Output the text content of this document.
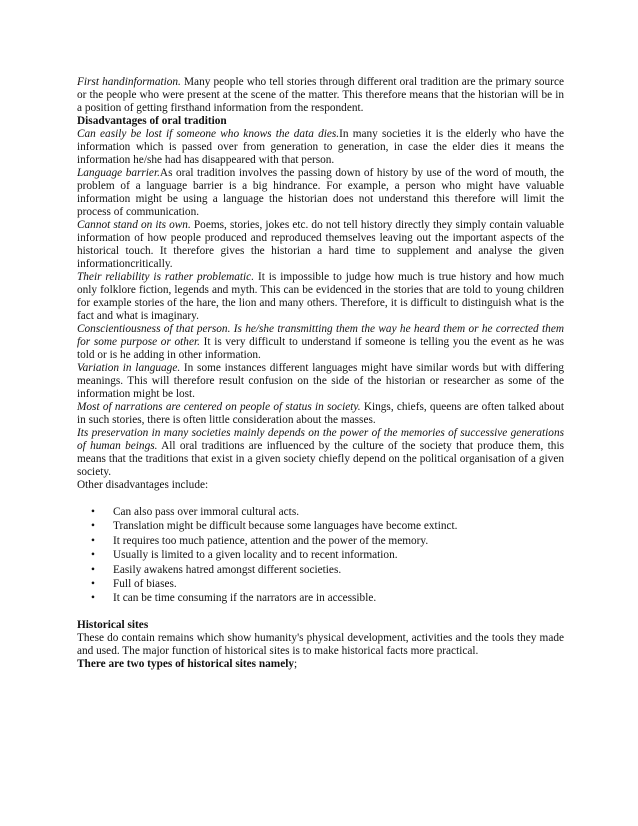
First handinformation. Many people who tell stories through different oral tradition are the primary source or the people who were present at the scene of the matter. This therefore means that the historian will be in a position of getting firsthand information from the respondent.

Disadvantages of oral tradition

Can easily be lost if someone who knows the data dies.In many societies it is the elderly who have the information which is passed over from generation to generation, in case the elder dies it means the information he/she had has disappeared with that person.

Language barrier.As oral tradition involves the passing down of history by use of the word of mouth, the problem of a language barrier is a big hindrance. For example, a person who might have valuable information might be using a language the historian does not understand this therefore will limit the process of communication.

Cannot stand on its own. Poems, stories, jokes etc. do not tell history directly they simply contain valuable information of how people produced and reproduced themselves leaving out the important aspects of the historical touch. It therefore gives the historian a hard time to supplement and analyse the given informationcritically.

Their reliability is rather problematic. It is impossible to judge how much is true history and how much only folklore fiction, legends and myth. This can be evidenced in the stories that are told to young children for example stories of the hare, the lion and many others. Therefore, it is difficult to distinguish what is the fact and what is imaginary.

Conscientiousness of that person. Is he/she transmitting them the way he heard them or he corrected them for some purpose or other. It is very difficult to understand if someone is telling you the event as he was told or is he adding in other information.

Variation in language. In some instances different languages might have similar words but with differing meanings. This will therefore result confusion on the side of the historian or researcher as some of the information might be lost.

Most of narrations are centered on people of status in society. Kings, chiefs, queens are often talked about in such stories, there is often little consideration about the masses.

Its preservation in many societies mainly depends on the power of the memories of successive generations of human beings. All oral traditions are influenced by the culture of the society that produce them, this means that the traditions that exist in a given society chiefly depend on the political organisation of a given society.

Other disadvantages include:

• Can also pass over immoral cultural acts.
• Translation might be difficult because some languages have become extinct.
• It requires too much patience, attention and the power of the memory.
• Usually is limited to a given locality and to recent information.
• Easily awakens hatred amongst different societies.
• Full of biases.
• It can be time consuming if the narrators are in accessible.

Historical sites

These do contain remains which show humanity's physical development, activities and the tools they made and used. The major function of historical sites is to make historical facts more practical.

There are two types of historical sites namely;
